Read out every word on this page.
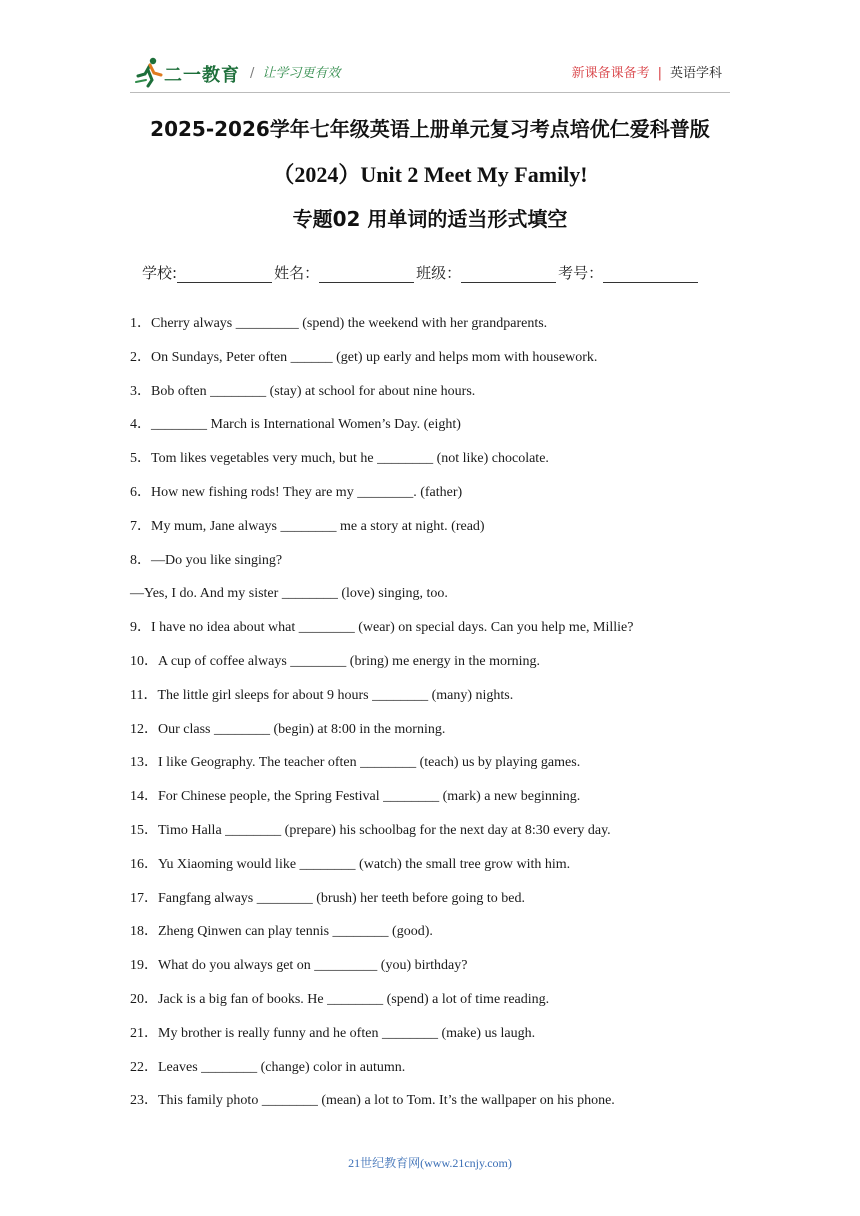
二一教育 / 让学习更有效	新课备课备考 | 英语学科
2025-2026学年七年级英语上册单元复习考点培优仁爱科普版
（2024）Unit 2 Meet My Family!
专题02 用单词的适当形式填空
学校:	姓名：	班级：	考号：
1．Cherry always _________ (spend) the weekend with her grandparents.
2．On Sundays, Peter often ______ (get) up early and helps mom with housework.
3．Bob often ________ (stay) at school for about nine hours.
4．________ March is International Women’s Day. (eight)
5．Tom likes vegetables very much, but he ________ (not like) chocolate.
6．How new fishing rods! They are my ________. (father)
7．My mum, Jane always ________ me a story at night. (read)
8．—Do you like singing?
—Yes, I do. And my sister ________ (love) singing, too.
9．I have no idea about what ________ (wear) on special days. Can you help me, Millie?
10．A cup of coffee always ________ (bring) me energy in the morning.
11．The little girl sleeps for about 9 hours ________ (many) nights.
12．Our class ________ (begin) at 8:00 in the morning.
13．I like Geography. The teacher often ________ (teach) us by playing games.
14．For Chinese people, the Spring Festival ________ (mark) a new beginning.
15．Timo Halla ________ (prepare) his schoolbag for the next day at 8:30 every day.
16．Yu Xiaoming would like ________ (watch) the small tree grow with him.
17．Fangfang always ________ (brush) her teeth before going to bed.
18．Zheng Qinwen can play tennis ________ (good).
19．What do you always get on _________ (you) birthday?
20．Jack is a big fan of books. He ________ (spend) a lot of time reading.
21．My brother is really funny and he often ________ (make) us laugh.
22．Leaves ________ (change) color in autumn.
23．This family photo ________ (mean) a lot to Tom. It’s the wallpaper on his phone.
21世纪教育网(www.21cnjy.com)
